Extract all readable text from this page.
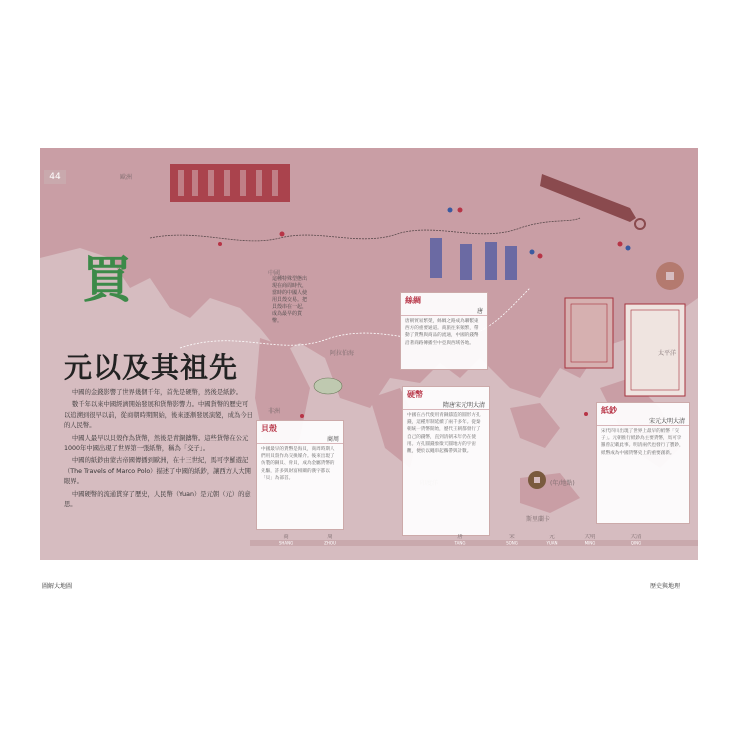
44
買	這種特殊型態出現在商周時代，當時的中國人使用貝殼交易。把貝殼串在一起，成為最早的貨幣。
歐洲
中國
阿拉伯海
非洲
太平洋
斯里蘭卡
(年/地點)
元以及其祖先

中國的金錢影響了世界幾個千年，首先是硬幣，然後是紙鈔。

數千年以來中國經濟開始發展和貨幣影響力。中國貨幣的歷史可以追溯到很早以前，從商朝時期開始，後來逐漸發展演變，成為今日的人民幣。

中國人最早以貝殼作為貨幣，然後是青銅鑄幣。這些貨幣在公元1000年中國出現了世界第一張紙幣，稱為「交子」。

中國的紙鈔由蒙古帝國傳播到歐洲，在十三世紀，馬可孛羅遊記（The Travels of Marco Polo）描述了中國的紙鈔，讓西方人大開眼界。

中國硬幣的流通貫穿了歷史，人民幣（Yuan）是元朝（元）的意思。

絲綢
唐
唐朝貿易繁榮，絲綢之路成為聯繫東西方的重要通道。商旅往來頻繁，帶動了貨幣與商品的流通，中國的錢幣沿著商路傳播至中亞與西域各地。
硬幣
隋唐宋元明大清
中國在古代使用青銅鑄造的圓形方孔錢，這種形制延續了兩千多年。從秦朝統一貨幣開始，歷代王朝都發行了自己的錢幣，直到清朝末年仍在使用。方孔圓錢象徵天圓地方的宇宙觀，便於以繩串起攜帶與計數。
貝殼
商周
中國最早的貨幣是海貝，商周時期人們用貝殼作為交換媒介。後來出現了仿製的銅貝、骨貝，成為金屬貨幣的先驅，許多與財富相關的漢字都以「貝」為部首。
紙鈔
宋元大明大清
宋代四川出現了世界上最早的紙幣「交子」。元朝推行紙鈔為主要貨幣，馬可孛羅曾記載此事。明清兩代也發行了寶鈔，紙幣成為中國貨幣史上的重要創新。
商	周	唐	宋	元	大明	大清
SHANG	ZHOU	TANG	SONG	YUAN	MING	QING
圖解大地圖	歷史與地理
